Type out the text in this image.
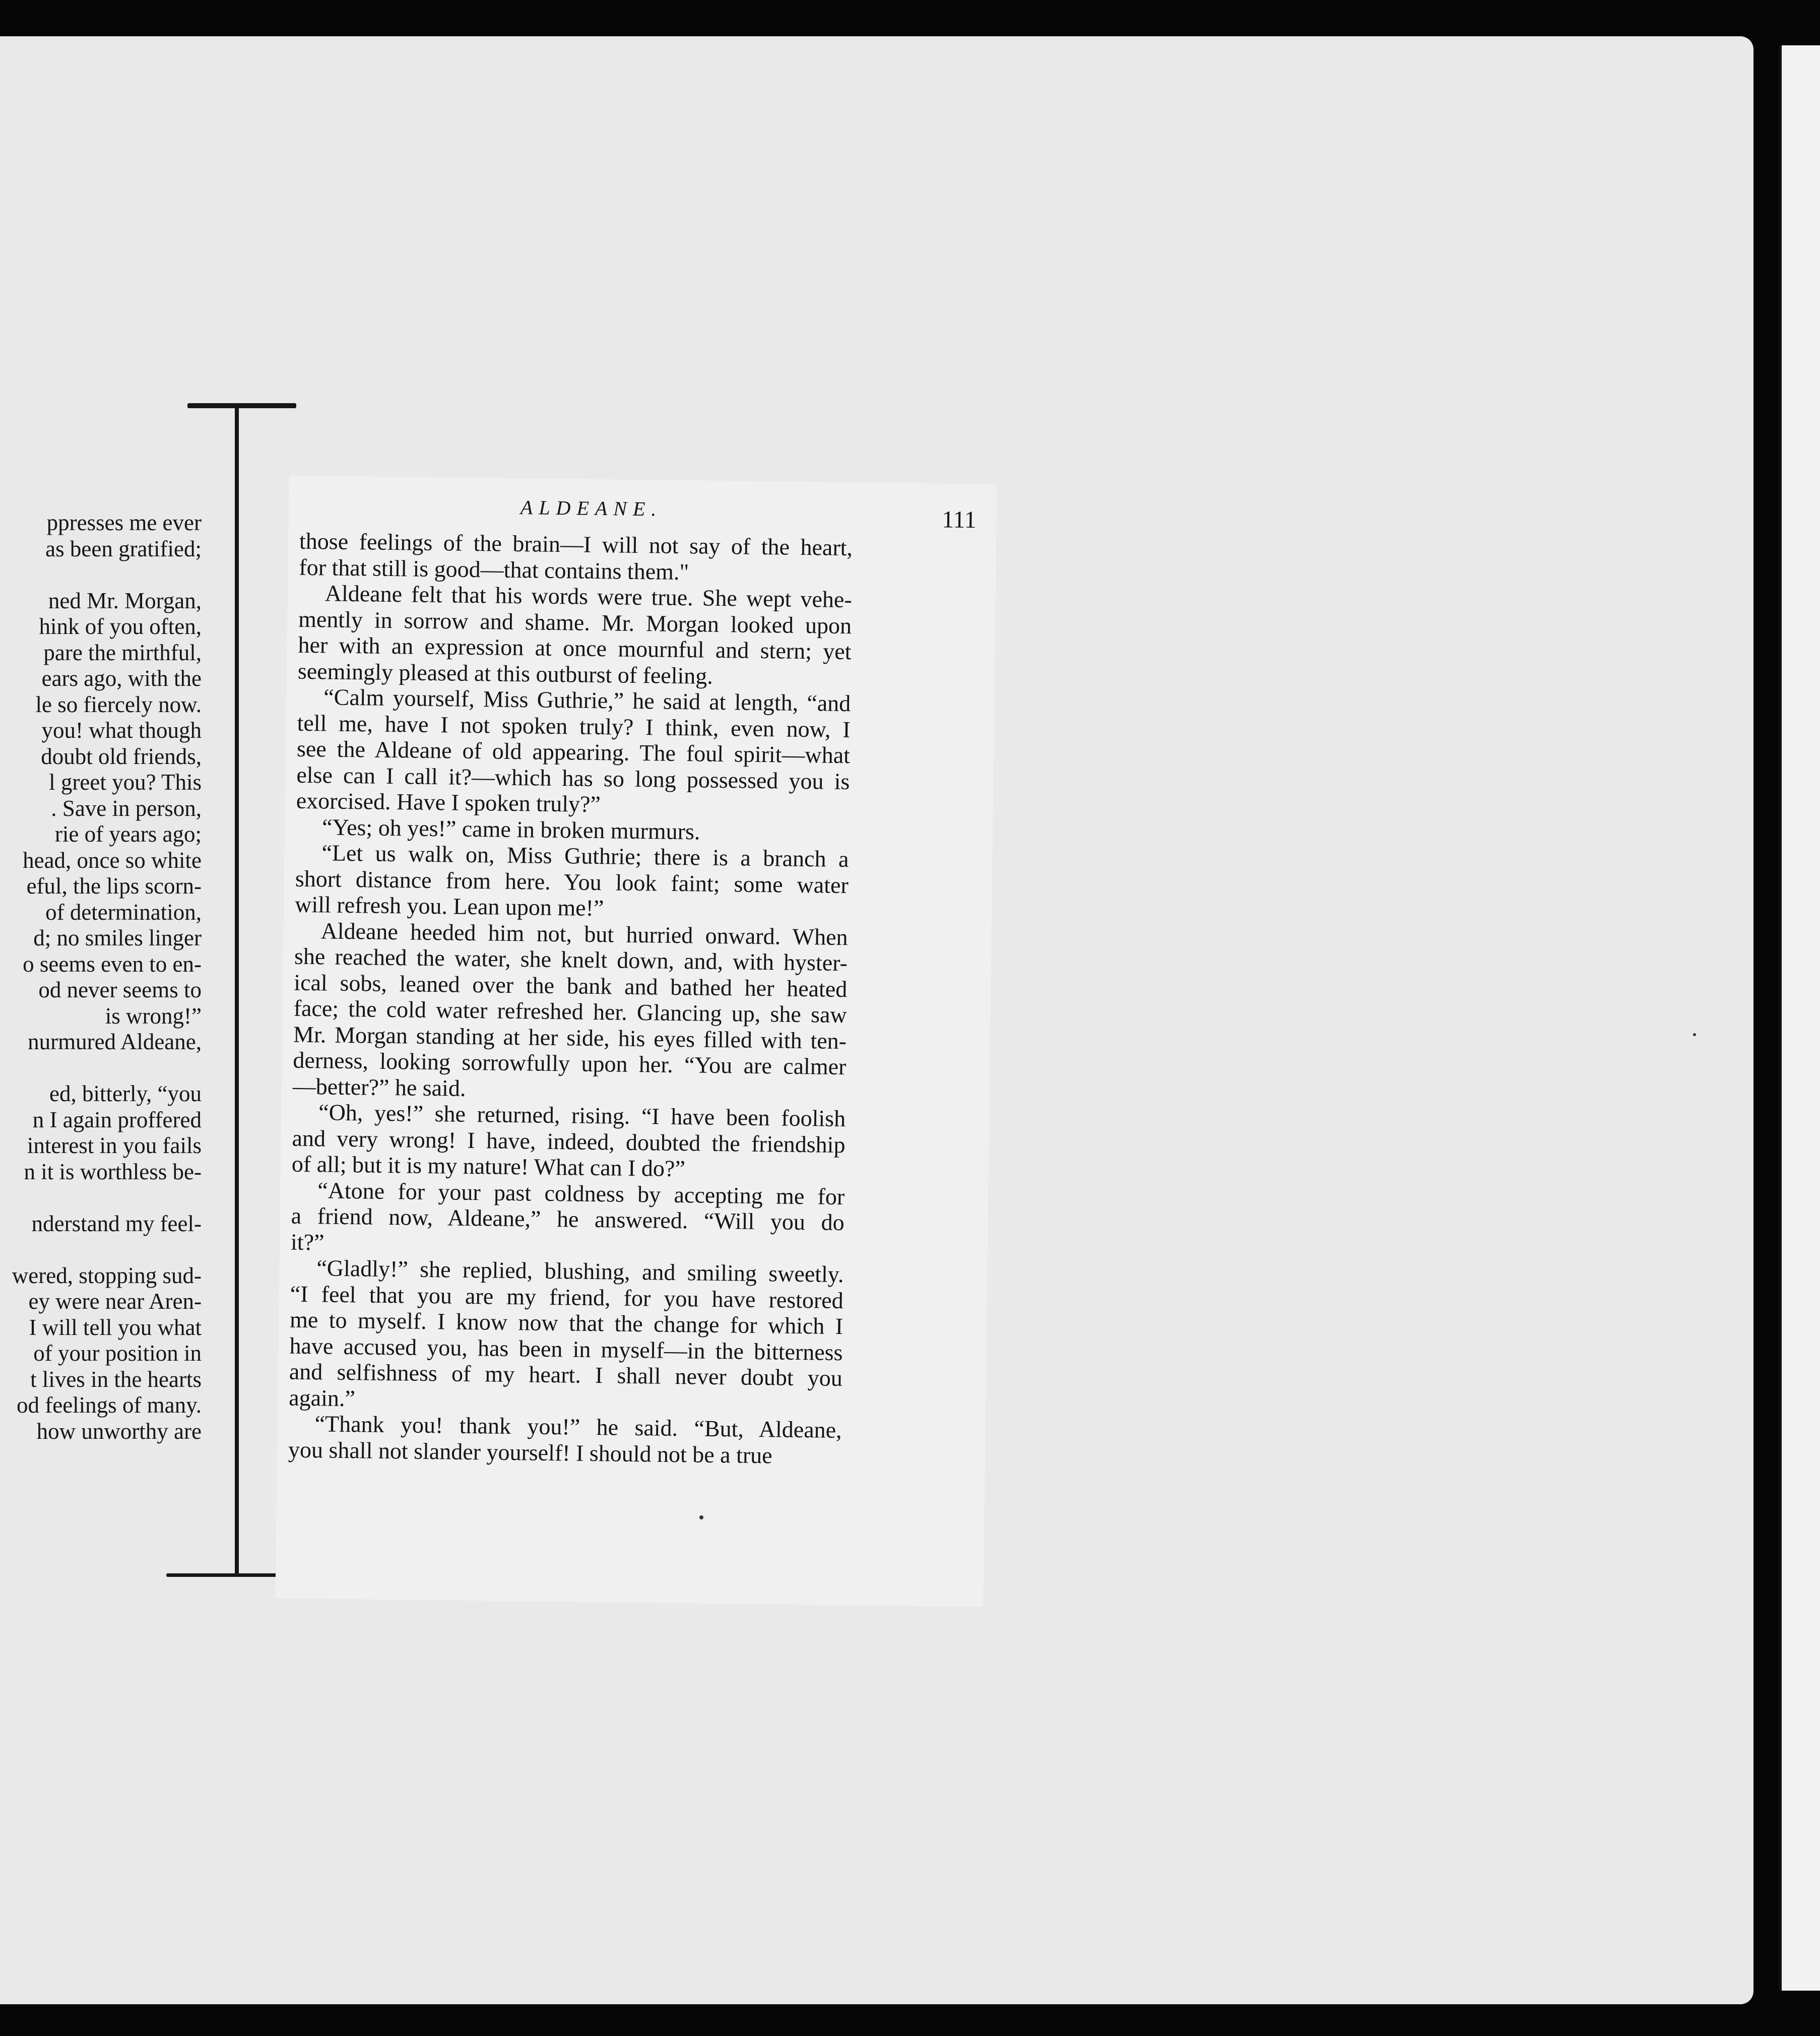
ppresses me ever
as been gratified;
ned Mr. Morgan,
hink of you often,
pare the mirthful,
ears ago, with the
le so fiercely now.
you! what though
doubt old friends,
l greet you? This
. Save in person,
rie of years ago;
head, once so white
eful, the lips scorn-
of determination,
d; no smiles linger
o seems even to en-
od never seems to
is wrong!”
nurmured Aldeane,
ed, bitterly, “you
n I again proffered
interest in you fails
n it is worthless be-
nderstand my feel-
wered, stopping sud-
ey were near Aren-
I will tell you what
of your position in
t lives in the hearts
od feelings of many.
how unworthy are
ALDEANE.	111
those feelings of the brain—I will not say of the heart,
for that still is good—that contains them."
Aldeane felt that his words were true. She wept vehe-
mently in sorrow and shame. Mr. Morgan looked upon
her with an expression at once mournful and stern; yet
seemingly pleased at this outburst of feeling.
“Calm yourself, Miss Guthrie,” he said at length, “and
tell me, have I not spoken truly? I think, even now, I
see the Aldeane of old appearing. The foul spirit—what
else can I call it?—which has so long possessed you is
exorcised. Have I spoken truly?”
“Yes; oh yes!” came in broken murmurs.
“Let us walk on, Miss Guthrie; there is a branch a
short distance from here. You look faint; some water
will refresh you. Lean upon me!”
Aldeane heeded him not, but hurried onward. When
she reached the water, she knelt down, and, with hyster-
ical sobs, leaned over the bank and bathed her heated
face; the cold water refreshed her. Glancing up, she saw
Mr. Morgan standing at her side, his eyes filled with ten-
derness, looking sorrowfully upon her. “You are calmer
—better?” he said.
“Oh, yes!” she returned, rising. “I have been foolish
and very wrong! I have, indeed, doubted the friendship
of all; but it is my nature! What can I do?”
“Atone for your past coldness by accepting me for
a friend now, Aldeane,” he answered. “Will you do
it?”
“Gladly!” she replied, blushing, and smiling sweetly.
“I feel that you are my friend, for you have restored
me to myself. I know now that the change for which I
have accused you, has been in myself—in the bitterness
and selfishness of my heart. I shall never doubt you
again.”
“Thank you! thank you!” he said. “But, Aldeane,
you shall not slander yourself! I should not be a true
